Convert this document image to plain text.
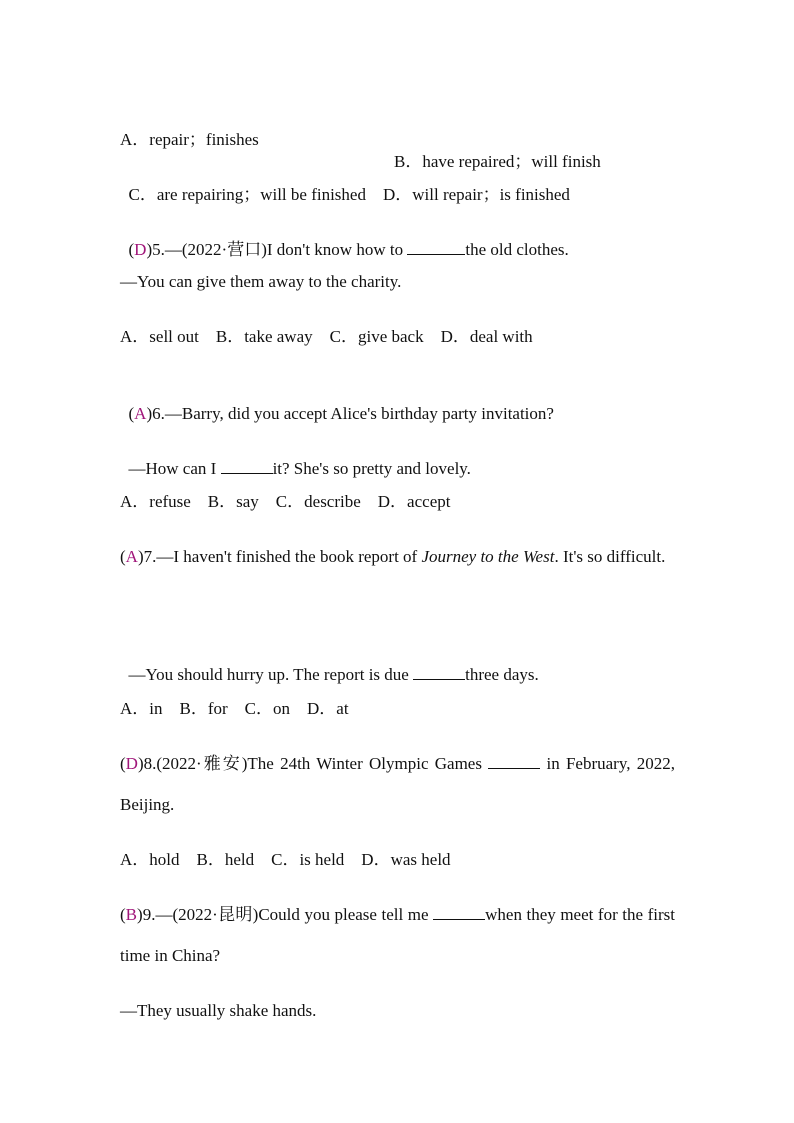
A．repair；finishes

B．have repaired；will finish

C．are repairing；will be finished　 D．will repair；is finished

(D)5.—(2022·营口)I don't know how to	the old clothes.

—You can give them away to the charity.
A．sell out　B．take away　C．give back　D．deal with

(A)6.—Barry, did you accept Alice's birthday party invitation?

—How can I	it? She's so pretty and lovely.

A．refuse　B．say　C．describe　D．accept
(A)7.—I haven't finished the book report of Journey to the West. It's so difficult.

—You should hurry up. The report is due	three days.

A．in　B．for　C．on　D．at
(D)8.(2022·雅安)The 24th Winter Olympic Games	in February, 2022, Beijing.
A．hold　B．held　C．is held　D．was held
(B)9.—(2022·昆明)Could you please tell me	when they meet for the first time in China?
—They usually shake hands.
